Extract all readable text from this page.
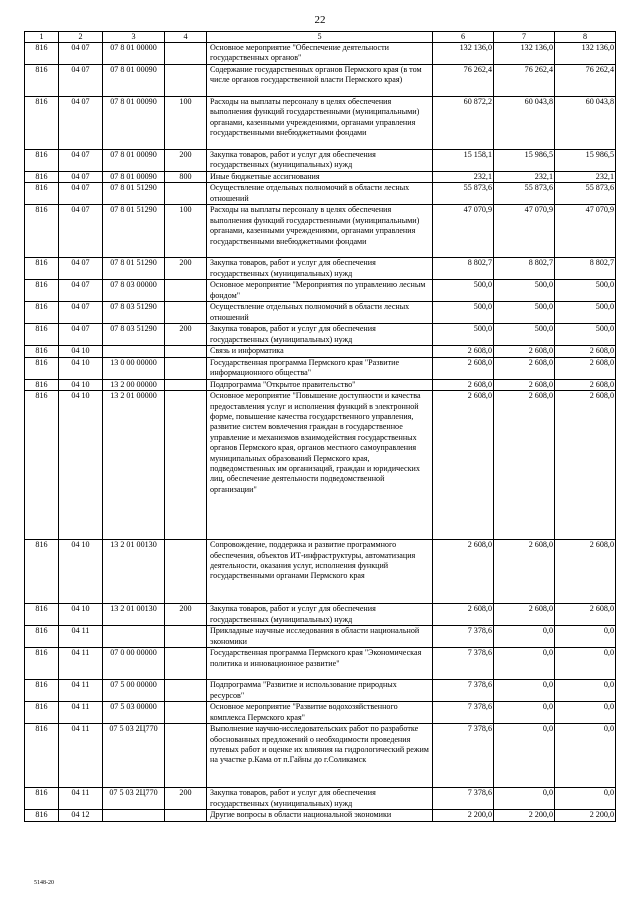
22
1	2	3	4	5	6	7	8
816	04 07	07 8 01 00000		Основное мероприятие "Обеспечение деятельности государственных органов"	132 136,0	132 136,0	132 136,0
816	04 07	07 8 01 00090		Содержание государственных органов Пермского края (в том числе органов государственной власти Пермского края)	76 262,4	76 262,4	76 262,4
816	04 07	07 8 01 00090	100	Расходы на выплаты персоналу в целях обеспечения выполнения функций государственными (муниципальными) органами, казенными учреждениями, органами управления государственными внебюджетными фондами	60 872,2	60 043,8	60 043,8
816	04 07	07 8 01 00090	200	Закупка товаров, работ и услуг для обеспечения государственных (муниципальных) нужд	15 158,1	15 986,5	15 986,5
816	04 07	07 8 01 00090	800	Иные бюджетные ассигнования	232,1	232,1	232,1
816	04 07	07 8 01 51290		Осуществление отдельных полномочий в области лесных отношений	55 873,6	55 873,6	55 873,6
816	04 07	07 8 01 51290	100	Расходы на выплаты персоналу в целях обеспечения выполнения функций государственными (муниципальными) органами, казенными учреждениями, органами управления государственными внебюджетными фондами	47 070,9	47 070,9	47 070,9
816	04 07	07 8 01 51290	200	Закупка товаров, работ и услуг для обеспечения государственных (муниципальных) нужд	8 802,7	8 802,7	8 802,7
816	04 07	07 8 03 00000		Основное мероприятие "Мероприятия по управлению лесным фондом"	500,0	500,0	500,0
816	04 07	07 8 03 51290		Осуществление отдельных полномочий в области лесных отношений	500,0	500,0	500,0
816	04 07	07 8 03 51290	200	Закупка товаров, работ и услуг для обеспечения государственных (муниципальных) нужд	500,0	500,0	500,0
816	04 10			Связь и информатика	2 608,0	2 608,0	2 608,0
816	04 10	13 0 00 00000		Государственная программа Пермского края "Развитие информационного общества"	2 608,0	2 608,0	2 608,0
816	04 10	13 2 00 00000		Подпрограмма "Открытое правительство"	2 608,0	2 608,0	2 608,0
816	04 10	13 2 01 00000		Основное мероприятие "Повышение доступности и качества предоставления услуг и исполнения функций в электронной форме, повышение качества государственного управления, развитие систем вовлечения граждан в государственное управление и механизмов взаимодействия государственных органов Пермского края, органов местного самоуправления муниципальных образований Пермского края, подведомственных им организаций, граждан и юридических лиц, обеспечение деятельности подведомственной организации"	2 608,0	2 608,0	2 608,0
816	04 10	13 2 01 00130		Сопровождение, поддержка и развитие программного обеспечения, объектов ИТ-инфраструктуры, автоматизация деятельности, оказания услуг, исполнения функций государственными органами Пермского края	2 608,0	2 608,0	2 608,0
816	04 10	13 2 01 00130	200	Закупка товаров, работ и услуг для обеспечения государственных (муниципальных) нужд	2 608,0	2 608,0	2 608,0
816	04 11			Прикладные научные исследования в области национальной экономики	7 378,6	0,0	0,0
816	04 11	07 0 00 00000		Государственная программа Пермского края "Экономическая политика и инновационное развитие"	7 378,6	0,0	0,0
816	04 11	07 5 00 00000		Подпрограмма "Развитие и использование природных ресурсов"	7 378,6	0,0	0,0
816	04 11	07 5 03 00000		Основное мероприятие "Развитие водохозяйственного комплекса Пермского края"	7 378,6	0,0	0,0
816	04 11	07 5 03 2Ц770		Выполнение научно-исследовательских работ по разработке обоснованных предложений о необходимости проведения путевых работ и оценке их влияния на гидрологический режим на участке р.Кама от п.Гайны до г.Соликамск	7 378,6	0,0	0,0
816	04 11	07 5 03 2Ц770	200	Закупка товаров, работ и услуг для обеспечения государственных (муниципальных) нужд	7 378,6	0,0	0,0
816	04 12			Другие вопросы в области национальной экономики	2 200,0	2 200,0	2 200,0
5148-20
